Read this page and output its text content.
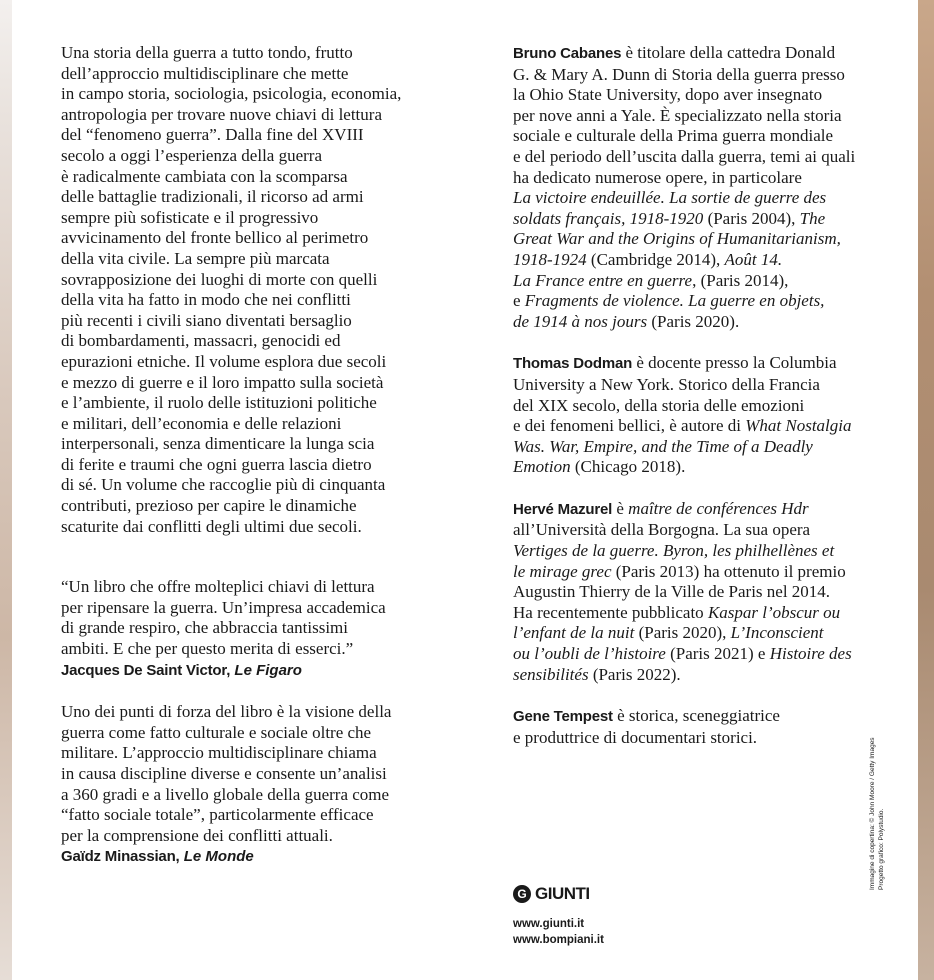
Una storia della guerra a tutto tondo, frutto
dell’approccio multidisciplinare che mette
in campo storia, sociologia, psicologia, economia,
antropologia per trovare nuove chiavi di lettura
del “fenomeno guerra”. Dalla fine del XVIII
secolo a oggi l’esperienza della guerra
è radicalmente cambiata con la scomparsa
delle battaglie tradizionali, il ricorso ad armi
sempre più sofisticate e il progressivo
avvicinamento del fronte bellico al perimetro
della vita civile. La sempre più marcata
sovrapposizione dei luoghi di morte con quelli
della vita ha fatto in modo che nei conflitti
più recenti i civili siano diventati bersaglio
di bombardamenti, massacri, genocidi ed
epurazioni etniche. Il volume esplora due secoli
e mezzo di guerre e il loro impatto sulla società
e l’ambiente, il ruolo delle istituzioni politiche
e militari, dell’economia e delle relazioni
interpersonali, senza dimenticare la lunga scia
di ferite e traumi che ogni guerra lascia dietro
di sé. Un volume che raccoglie più di cinquanta
contributi, prezioso per capire le dinamiche
scaturite dai conflitti degli ultimi due secoli.

“Un libro che offre molteplici chiavi di lettura
per ripensare la guerra. Un’impresa accademica
di grande respiro, che abbraccia tantissimi
ambiti. E che per questo merita di esserci.”

Jacques De Saint Victor, Le Figaro

Uno dei punti di forza del libro è la visione della
guerra come fatto culturale e sociale oltre che
militare. L’approccio multidisciplinare chiama
in causa discipline diverse e consente un’analisi
a 360 gradi e a livello globale della guerra come
“fatto sociale totale”, particolarmente efficace
per la comprensione dei conflitti attuali.

Gaïdz Minassian, Le Monde

Bruno Cabanes è titolare della cattedra Donald
G. & Mary A. Dunn di Storia della guerra presso
la Ohio State University, dopo aver insegnato
per nove anni a Yale. È specializzato nella storia
sociale e culturale della Prima guerra mondiale
e del periodo dell’uscita dalla guerra, temi ai quali
ha dedicato numerose opere, in particolare
La victoire endeuillée. La sortie de guerre des
soldats français, 1918-1920 (Paris 2004), The
Great War and the Origins of Humanitarianism,
1918-1924 (Cambridge 2014), Août 14.
La France entre en guerre, (Paris 2014),
e Fragments de violence. La guerre en objets,
de 1914 à nos jours (Paris 2020).

Thomas Dodman è docente presso la Columbia
University a New York. Storico della Francia
del XIX secolo, della storia delle emozioni
e dei fenomeni bellici, è autore di What Nostalgia
Was. War, Empire, and the Time of a Deadly
Emotion (Chicago 2018).

Hervé Mazurel è maître de conférences Hdr
all’Università della Borgogna. La sua opera
Vertiges de la guerre. Byron, les philhellènes et
le mirage grec (Paris 2013) ha ottenuto il premio
Augustin Thierry de la Ville de Paris nel 2014.
Ha recentemente pubblicato Kaspar l’obscur ou
l’enfant de la nuit (Paris 2020), L’Inconscient
ou l’oubli de l’histoire (Paris 2021) e Histoire des
sensibilités (Paris 2022).

Gene Tempest è storica, sceneggiatrice
e produttrice di documentari storici.

G GIUNTI
www.giunti.it
www.bompiani.it
Immagine di copertina: © John Moore / Getty Images Progetto grafico: Polystudio.
